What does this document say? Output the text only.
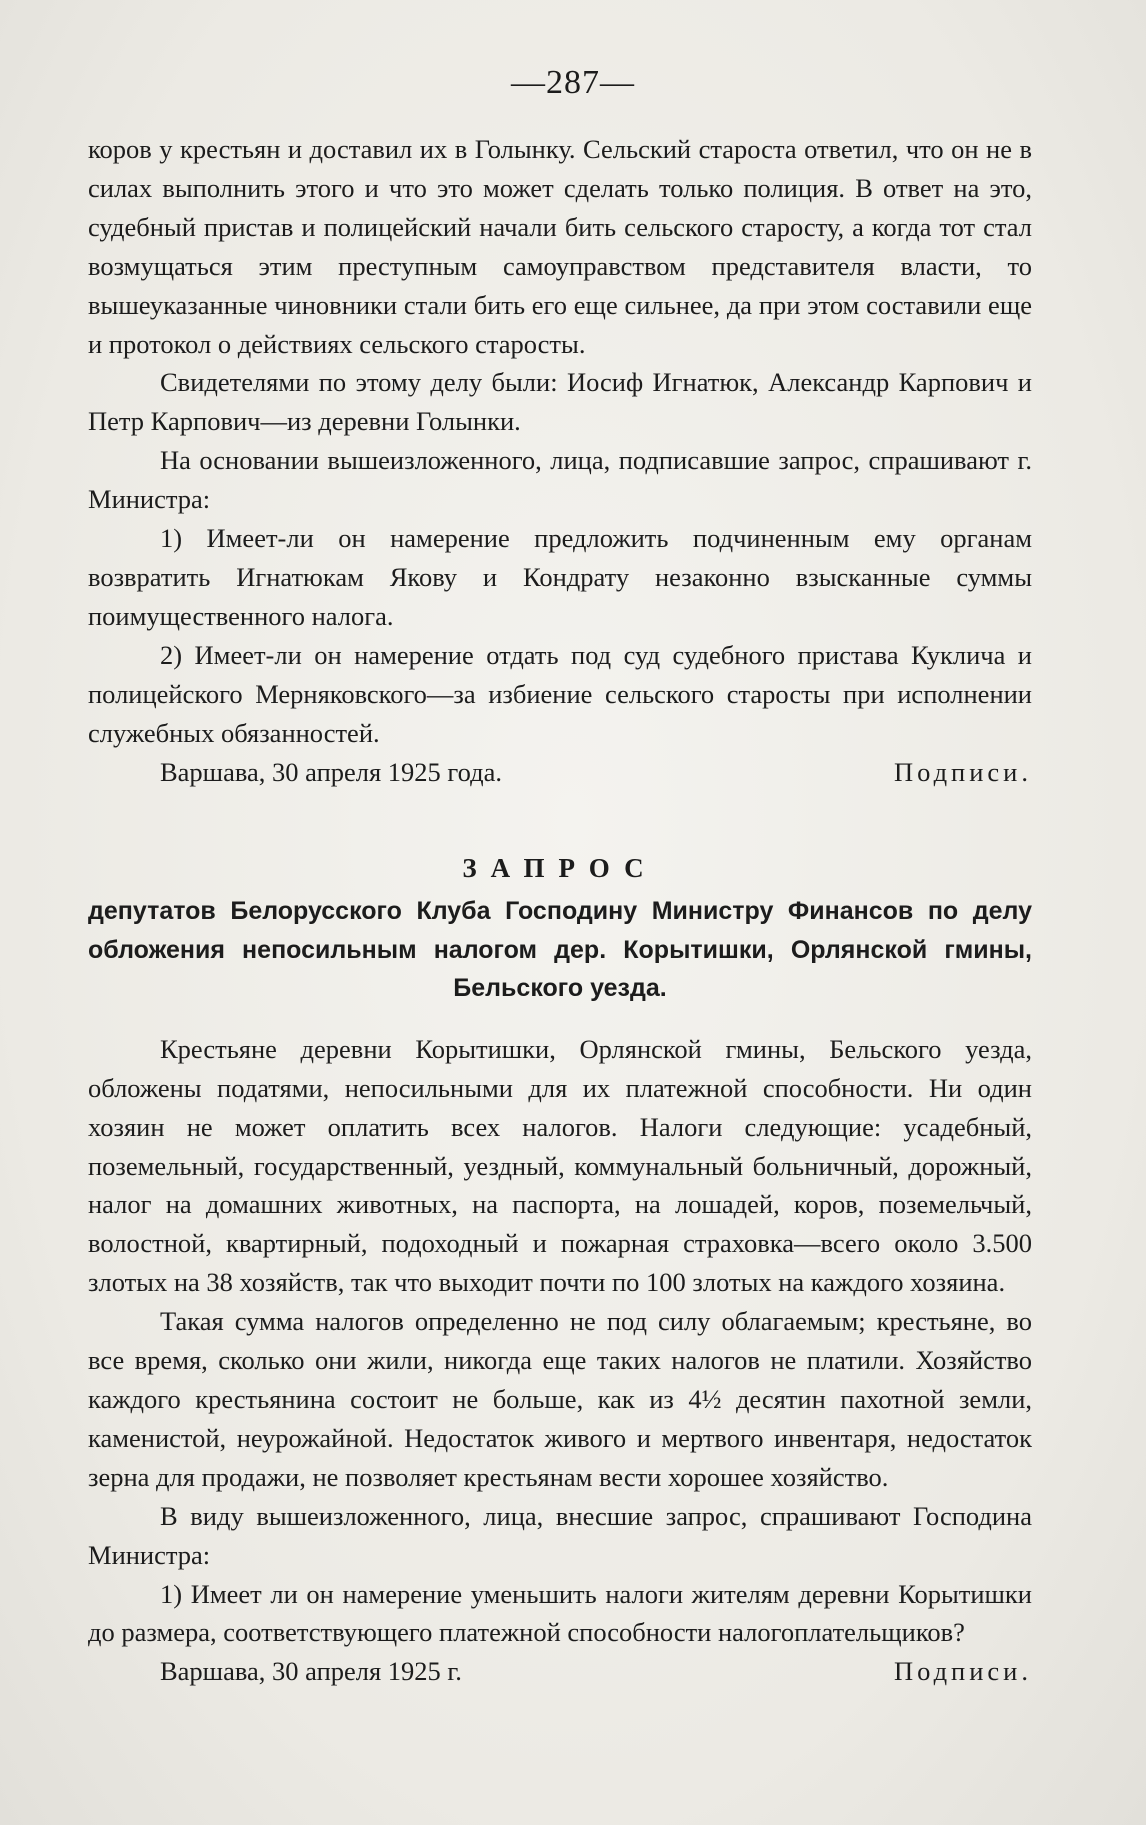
—287—

коров у крестьян и доставил их в Голынку. Сельский староста ответил, что он не в силах выполнить этого и что это может сделать только полиция. В ответ на это, судебный пристав и полицейский начали бить сельского старосту, а когда тот стал возмущаться этим преступным самоуправством представителя власти, то вышеуказанные чиновники стали бить его еще сильнее, да при этом составили еще и протокол о действиях сельского старосты.

Свидетелями по этому делу были: Иосиф Игнатюк, Александр Карпович и Петр Карпович—из деревни Голынки.

На основании вышеизложенного, лица, подписавшие запрос, спрашивают г. Министра:

1) Имеет-ли он намерение предложить подчиненным ему органам возвратить Игнатюкам Якову и Кондрату незаконно взысканные суммы поимущественного налога.

2) Имеет-ли он намерение отдать под суд судебного пристава Куклича и полицейского Мерняковского—за избиение сельского старосты при исполнении служебных обязанностей.

Варшава, 30 апреля 1925 года.	Подписи.
ЗАПРОС

депутатов Белорусского Клуба Господину Министру Финансов по делу обложения непосильным налогом дер. Корытишки, Орлянской гмины, Бельского уезда.

Крестьяне деревни Корытишки, Орлянской гмины, Бельского уезда, обложены податями, непосильными для их платежной способности. Ни один хозяин не может оплатить всех налогов. Налоги следующие: усадебный, поземельный, государственный, уездный, коммунальный больничный, дорожный, налог на домашних животных, на паспорта, на лошадей, коров, поземельчый, волостной, квартирный, подоходный и пожарная страховка—всего около 3.500 злотых на 38 хозяйств, так что выходит почти по 100 злотых на каждого хозяина.

Такая сумма налогов определенно не под силу облагаемым; крестьяне, во все время, сколько они жили, никогда еще таких налогов не платили. Хозяйство каждого крестьянина состоит не больше, как из 4½ десятин пахотной земли, каменистой, неурожайной. Недостаток живого и мертвого инвентаря, недостаток зерна для продажи, не позволяет крестьянам вести хорошее хозяйство.

В виду вышеизложенного, лица, внесшие запрос, спрашивают Господина Министра:

1) Имеет ли он намерение уменьшить налоги жителям деревни Корытишки до размера, соответствующего платежной способности налогоплательщиков?

Варшава, 30 апреля 1925 г.	Подписи.
